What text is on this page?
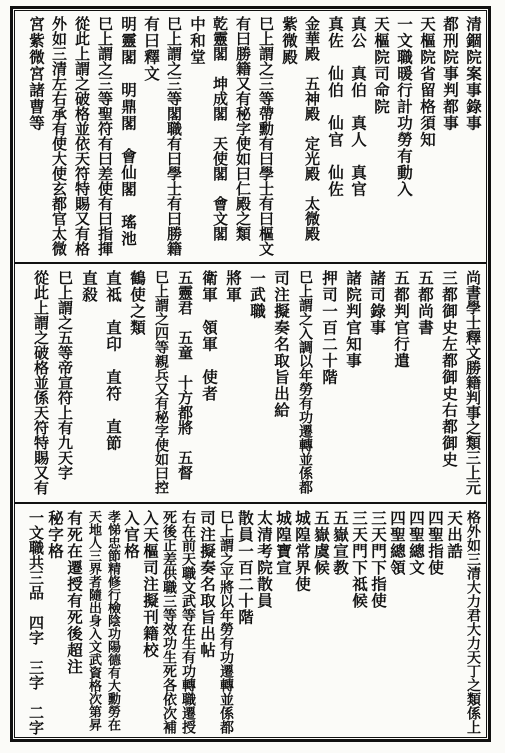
清錮院案事錄事
都刑院事判都事
天樞院省留格須知
一文職暖行計功勞有動入
天樞院司命院
真公　真伯　真人　真官
真佐　仙伯　仙官　仙佐
金華殿　五神殿　定光殿　太微殿
紫微殿
巳上謂之三等帶勳有曰學士有曰樞文
有曰勝籍又有秘字使如曰仁殿之類
乾靈閣　坤成閣　天使閣　會文閣
中和堂
巳上謂之三等閣職有曰學士有曰勝籍
有曰釋文
明靈閣　明鼎閣　會仙閣　瑤池
巳上謂之三等聖符有曰差使有曰指揮
從此上謂之破格並依天符特賜又有格
外如三清左右承有使大使玄都官太微
宮紫微宮諸曹等
尚書學士釋文勝籍判事之類三上元
三都御史左都御史右都御史
五都尚書
五都判官行遣
諸司錄事
諸院判官知事
押司一百二十階
巳上謂之入調以年勞有功遷轉並係都
司注擬奏名取旨出給
一武職
將軍
衛軍　領軍　使者
五靈君　五童　十方都將　五督
巳上謂之四等親兵又有秘字使如曰控
鶴使之類
直祗　直印　直符　直節
直殺
巳上謂之五等帝宣符上有九天字
從此上謂之破格並係天符特賜又有
格外如三清大力君大力天丁之類係上
天出誥
四聖指使
四聖總文
四聖總領
三天門下指使
三天門下祗候
五嶽宣教
五嶽虞候
城隍常界使
城隍寶宣
太清考院散員
散員一百二十階
巳上謂之平將以年勞有功遷轉並係都
司注擬奏名取旨出帖
右在前天職文武等在生有功轉職遷授
死後正差供職三等效功生死各依次補
入天樞司注擬刊籍校
入官格
孝悌忠節精修行檢陰功陽德有大勳勞在
天地人三界者隨出身入文武資格次第昇
有死在遷授有死後超注
秘字格
一文職共三品　四字　三字　二字
